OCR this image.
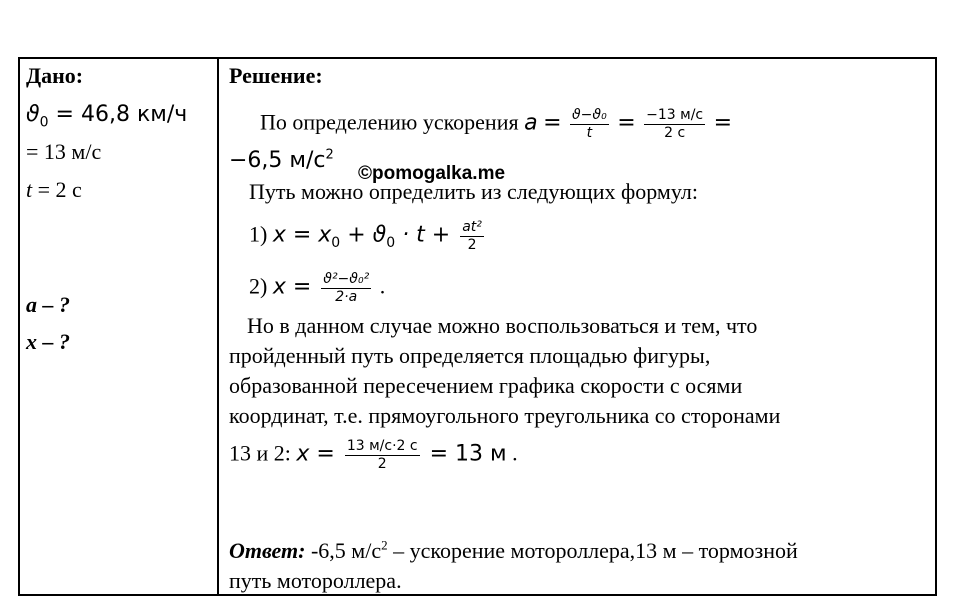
Дано:
$ϑ_0 = 46,8$ км/ч
= 13 м/с
t = 2 с
a – ?
x – ?
Решение:
По определению ускорения $a = \frac{\text{ϑ−ϑ₀}}{t} = \frac{-13 м/с}{2 с}$ =
−6,5 $м/с^2$
Путь можно определить из следующих формул:
1) $x = x_0 + ϑ_0 \cdot t + \frac{\text{at²}}{2}$
2) $x = \frac{\text{ϑ²−ϑ₀²}}{2\cdot a}$ .
Но в данном случае можно воспользоваться и тем, что
пройденный путь определяется площадью фигуры,
образованной пересечением графика скорости с осями
координат, т.е. прямоугольного треугольника со сторонами
13 и 2: $x = \frac{13 м/с\cdot 2 с}{2} = 13$ м .
Ответ: -6,5 $м/с^2$ – ускорение мотороллера,13 м – тормозной
путь мотороллера.
©pomogalka.me
